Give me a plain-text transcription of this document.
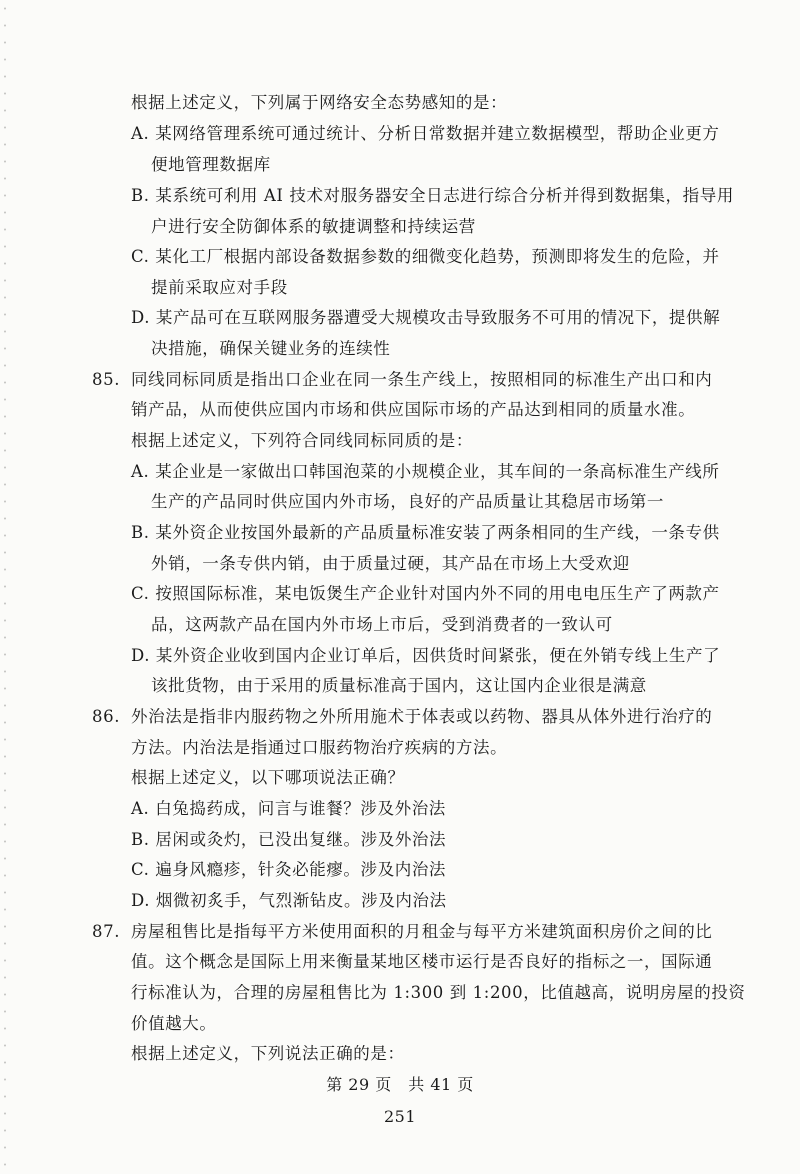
根据上述定义，下列属于网络安全态势感知的是：
A. 某网络管理系统可通过统计、分析日常数据并建立数据模型，帮助企业更方
便地管理数据库
B. 某系统可利用 AI 技术对服务器安全日志进行综合分析并得到数据集，指导用
户进行安全防御体系的敏捷调整和持续运营
C. 某化工厂根据内部设备数据参数的细微变化趋势，预测即将发生的危险，并
提前采取应对手段
D. 某产品可在互联网服务器遭受大规模攻击导致服务不可用的情况下，提供解
决措施，确保关键业务的连续性
85. 同线同标同质是指出口企业在同一条生产线上，按照相同的标准生产出口和内
销产品，从而使供应国内市场和供应国际市场的产品达到相同的质量水准。
根据上述定义，下列符合同线同标同质的是：
A. 某企业是一家做出口韩国泡菜的小规模企业，其车间的一条高标准生产线所
生产的产品同时供应国内外市场，良好的产品质量让其稳居市场第一
B. 某外资企业按国外最新的产品质量标准安装了两条相同的生产线，一条专供
外销，一条专供内销，由于质量过硬，其产品在市场上大受欢迎
C. 按照国际标准，某电饭煲生产企业针对国内外不同的用电电压生产了两款产
品，这两款产品在国内外市场上市后，受到消费者的一致认可
D. 某外资企业收到国内企业订单后，因供货时间紧张，便在外销专线上生产了
该批货物，由于采用的质量标准高于国内，这让国内企业很是满意
86. 外治法是指非内服药物之外所用施术于体表或以药物、器具从体外进行治疗的
方法。内治法是指通过口服药物治疗疾病的方法。
根据上述定义，以下哪项说法正确？
A. 白兔捣药成，问言与谁餐？涉及外治法
B. 居闲或灸灼，已没出复继。涉及外治法
C. 遍身风瘾疹，针灸必能瘳。涉及内治法
D. 烟微初炙手，气烈渐钻皮。涉及内治法
87. 房屋租售比是指每平方米使用面积的月租金与每平方米建筑面积房价之间的比
值。这个概念是国际上用来衡量某地区楼市运行是否良好的指标之一，国际通
行标准认为，合理的房屋租售比为 1:300 到 1:200，比值越高，说明房屋的投资
价值越大。
根据上述定义，下列说法正确的是：
第 29 页　共 41 页
251
